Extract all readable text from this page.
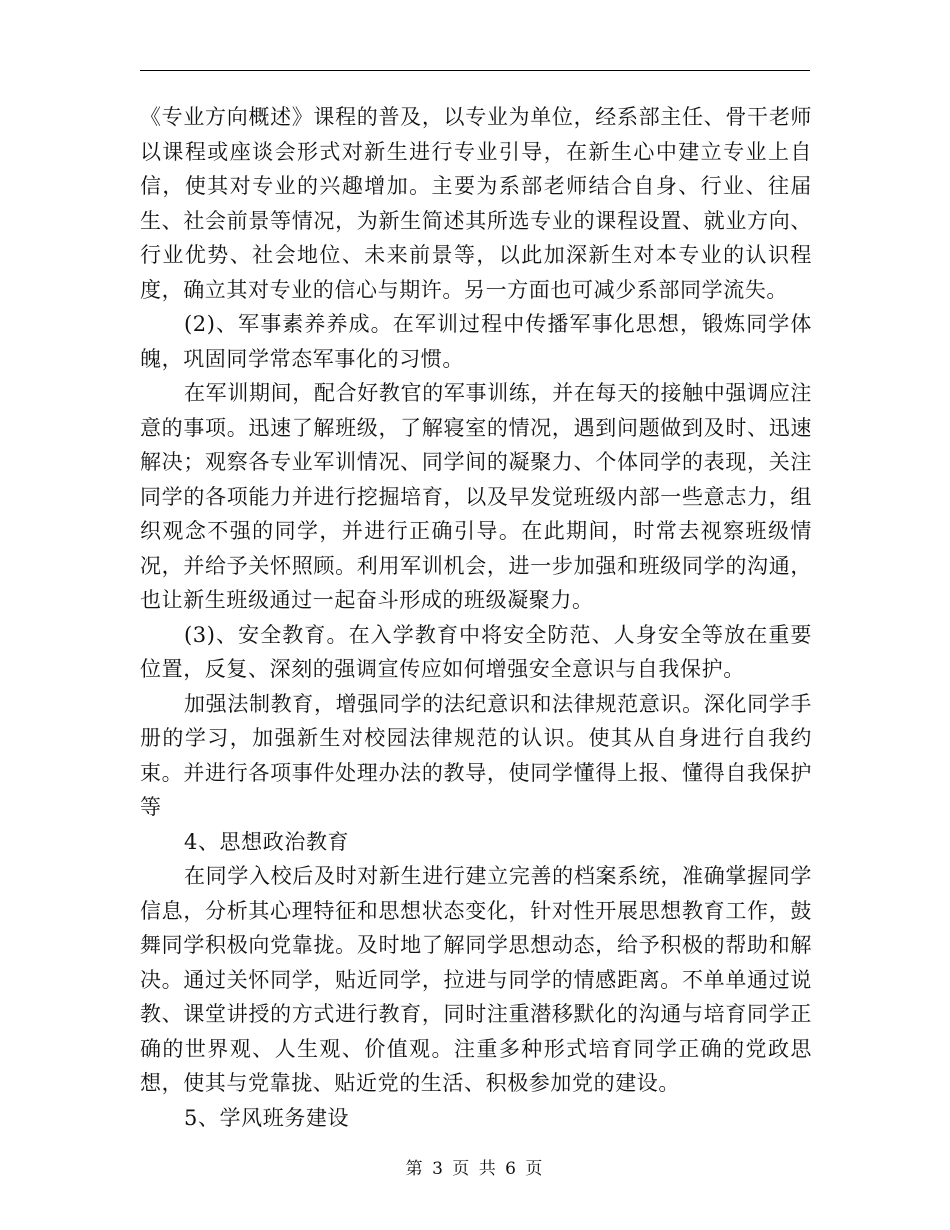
《专业方向概述》课程的普及，以专业为单位，经系部主任、骨干老师以课程或座谈会形式对新生进行专业引导，在新生心中建立专业上自信，使其对专业的兴趣增加。主要为系部老师结合自身、行业、往届生、社会前景等情况，为新生简述其所选专业的课程设置、就业方向、行业优势、社会地位、未来前景等，以此加深新生对本专业的认识程度，确立其对专业的信心与期许。另一方面也可减少系部同学流失。

(2)、军事素养养成。在军训过程中传播军事化思想，锻炼同学体魄，巩固同学常态军事化的习惯。

在军训期间，配合好教官的军事训练，并在每天的接触中强调应注意的事项。迅速了解班级，了解寝室的情况，遇到问题做到及时、迅速解决；观察各专业军训情况、同学间的凝聚力、个体同学的表现，关注同学的各项能力并进行挖掘培育，以及早发觉班级内部一些意志力，组织观念不强的同学，并进行正确引导。在此期间，时常去视察班级情况，并给予关怀照顾。利用军训机会，进一步加强和班级同学的沟通，也让新生班级通过一起奋斗形成的班级凝聚力。

(3)、安全教育。在入学教育中将安全防范、人身安全等放在重要位置，反复、深刻的强调宣传应如何增强安全意识与自我保护。

加强法制教育，增强同学的法纪意识和法律规范意识。深化同学手册的学习，加强新生对校园法律规范的认识。使其从自身进行自我约束。并进行各项事件处理办法的教导，使同学懂得上报、懂得自我保护等

4、思想政治教育

在同学入校后及时对新生进行建立完善的档案系统，准确掌握同学信息，分析其心理特征和思想状态变化，针对性开展思想教育工作，鼓舞同学积极向党靠拢。及时地了解同学思想动态，给予积极的帮助和解决。通过关怀同学，贴近同学，拉进与同学的情感距离。不单单通过说教、课堂讲授的方式进行教育，同时注重潜移默化的沟通与培育同学正确的世界观、人生观、价值观。注重多种形式培育同学正确的党政思想，使其与党靠拢、贴近党的生活、积极参加党的建设。

5、学风班务建设

第 3 页 共 6 页
